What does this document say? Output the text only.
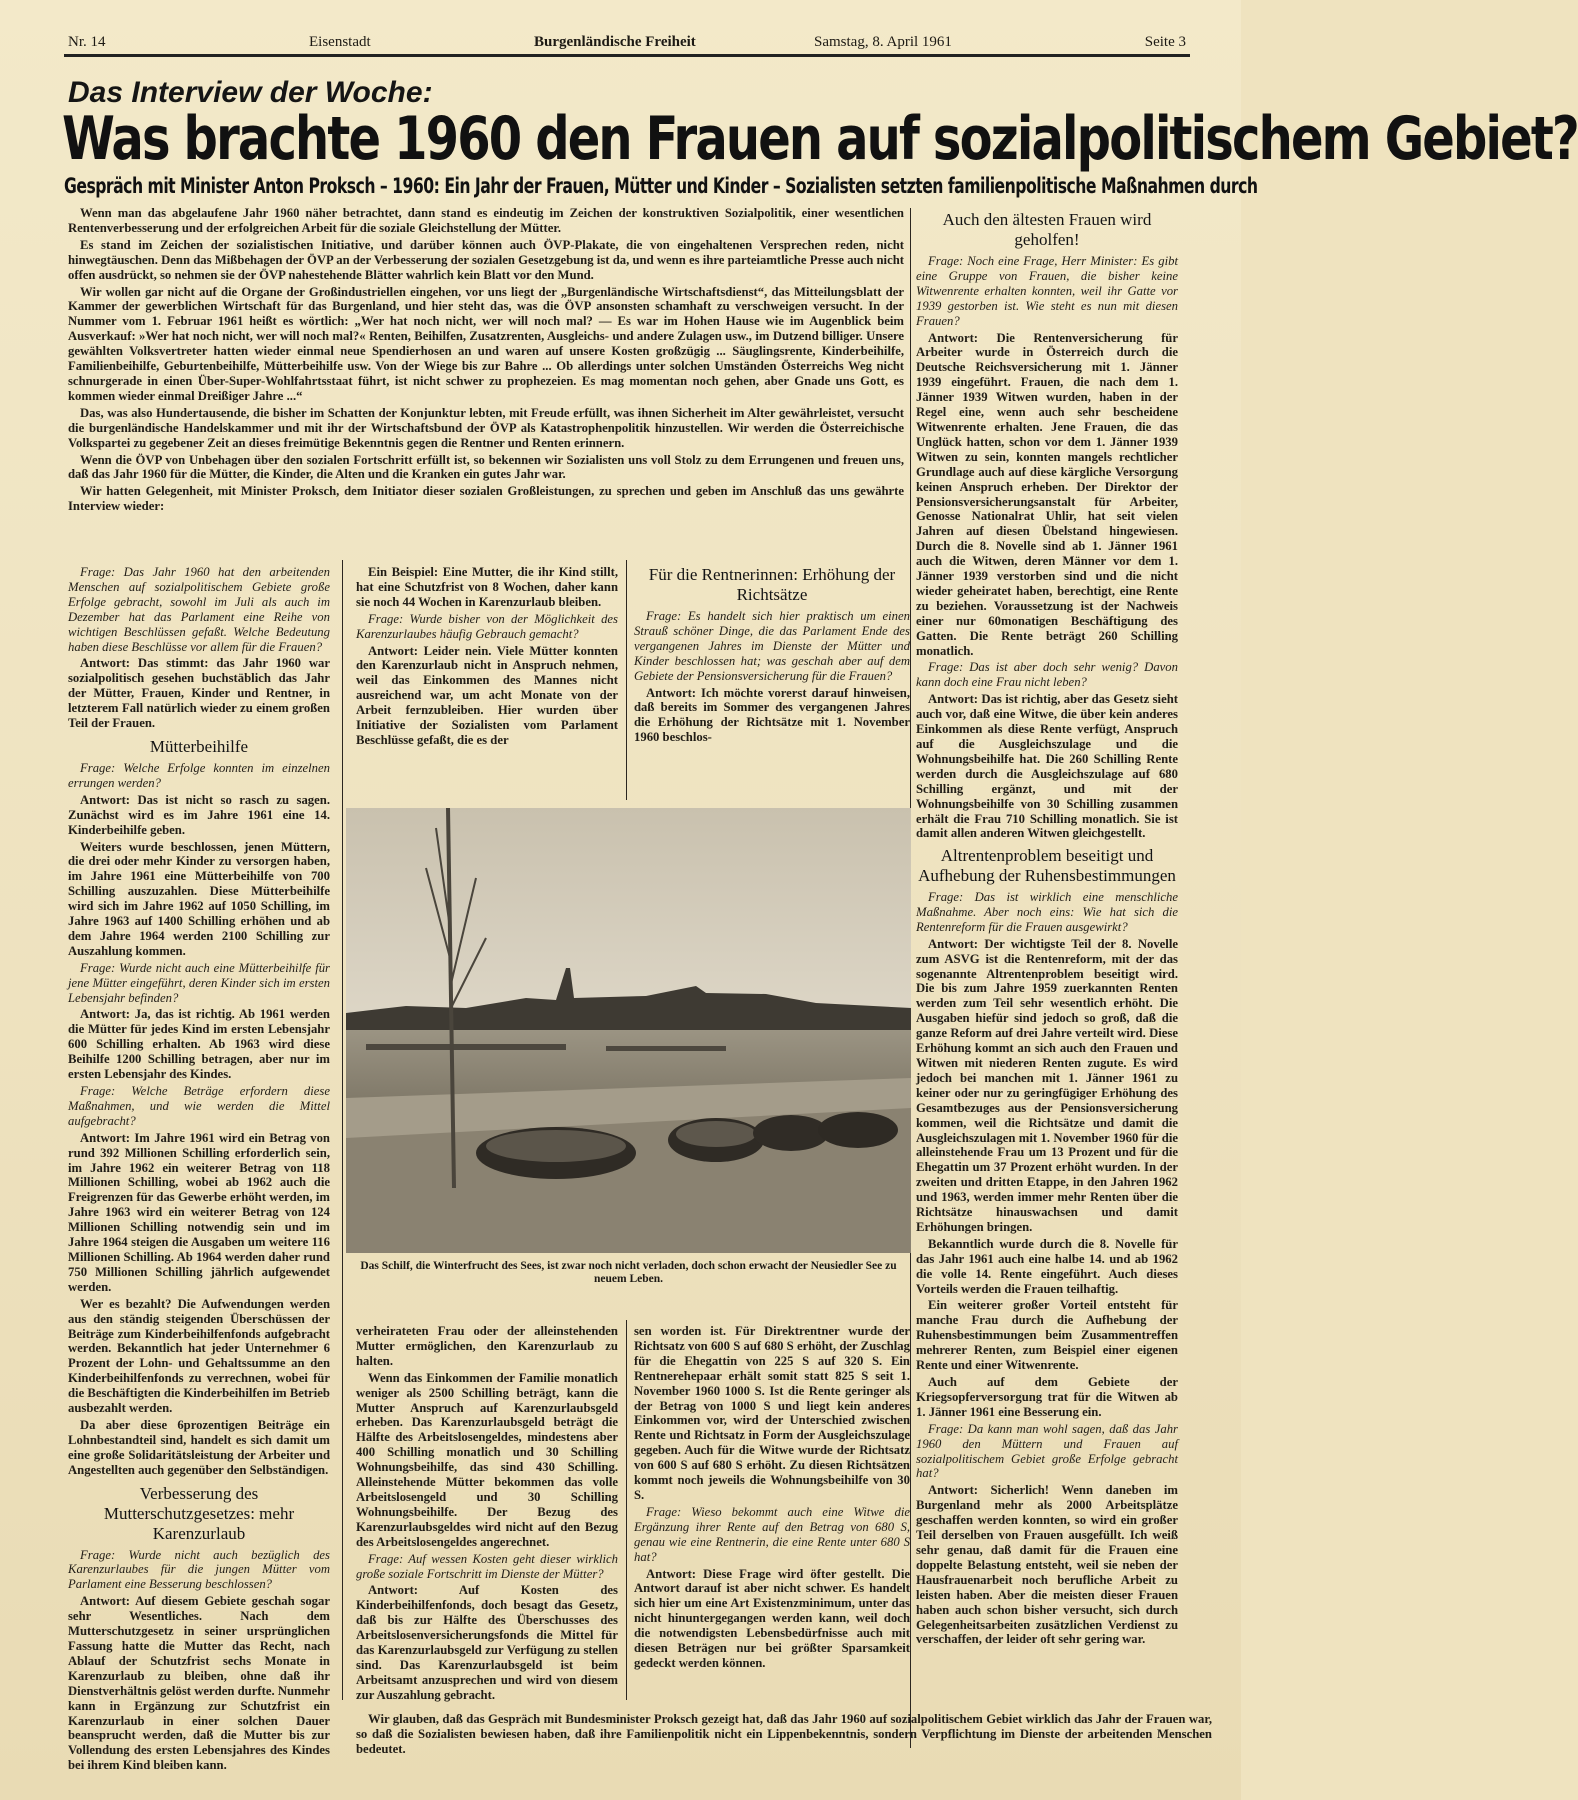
Nr. 14	Eisenstadt	Burgenländische Freiheit	Samstag, 8. April 1961	Seite 3
Das Interview der Woche:
Was brachte 1960 den Frauen auf sozialpolitischem Gebiet?
Gespräch mit Minister Anton Proksch – 1960: Ein Jahr der Frauen, Mütter und Kinder – Sozialisten setzten familienpolitische Maßnahmen durch

Wenn man das abgelaufene Jahr 1960 näher betrachtet, dann stand es eindeutig im Zeichen der konstruktiven Sozialpolitik, einer wesentlichen Rentenverbesserung und der erfolgreichen Arbeit für die soziale Gleichstellung der Mütter.

Es stand im Zeichen der sozialistischen Initiative, und darüber können auch ÖVP-Plakate, die von eingehaltenen Versprechen reden, nicht hinwegtäuschen. Denn das Mißbehagen der ÖVP an der Verbesserung der sozialen Gesetzgebung ist da, und wenn es ihre parteiamtliche Presse auch nicht offen ausdrückt, so nehmen sie der ÖVP nahestehende Blätter wahrlich kein Blatt vor den Mund.

Wir wollen gar nicht auf die Organe der Großindustriellen eingehen, vor uns liegt der „Burgenländische Wirtschaftsdienst“, das Mitteilungsblatt der Kammer der gewerblichen Wirtschaft für das Burgenland, und hier steht das, was die ÖVP ansonsten schamhaft zu verschweigen versucht. In der Nummer vom 1. Februar 1961 heißt es wörtlich: „Wer hat noch nicht, wer will noch mal? — Es war im Hohen Hause wie im Augenblick beim Ausverkauf: »Wer hat noch nicht, wer will noch mal?« Renten, Beihilfen, Zusatzrenten, Ausgleichs- und andere Zulagen usw., im Dutzend billiger. Unsere gewählten Volksvertreter hatten wieder einmal neue Spendierhosen an und waren auf unsere Kosten großzügig ... Säuglingsrente, Kinderbeihilfe, Familienbeihilfe, Geburtenbeihilfe, Mütterbeihilfe usw. Von der Wiege bis zur Bahre ... Ob allerdings unter solchen Umständen Österreichs Weg nicht schnurgerade in einen Über-Super-Wohlfahrtsstaat führt, ist nicht schwer zu prophezeien. Es mag momentan noch gehen, aber Gnade uns Gott, es kommen wieder einmal Dreißiger Jahre ...“

Das, was also Hundertausende, die bisher im Schatten der Konjunktur lebten, mit Freude erfüllt, was ihnen Sicherheit im Alter gewährleistet, versucht die burgenländische Handelskammer und mit ihr der Wirtschaftsbund der ÖVP als Katastrophenpolitik hinzustellen. Wir werden die Österreichische Volkspartei zu gegebener Zeit an dieses freimütige Bekenntnis gegen die Rentner und Renten erinnern.

Wenn die ÖVP von Unbehagen über den sozialen Fortschritt erfüllt ist, so bekennen wir Sozialisten uns voll Stolz zu dem Errungenen und freuen uns, daß das Jahr 1960 für die Mütter, die Kinder, die Alten und die Kranken ein gutes Jahr war.

Wir hatten Gelegenheit, mit Minister Proksch, dem Initiator dieser sozialen Großleistungen, zu sprechen und geben im Anschluß das uns gewährte Interview wieder:

Frage: Das Jahr 1960 hat den arbeitenden Menschen auf sozialpolitischem Gebiete große Erfolge gebracht, sowohl im Juli als auch im Dezember hat das Parlament eine Reihe von wichtigen Beschlüssen gefaßt. Welche Bedeutung haben diese Beschlüsse vor allem für die Frauen?

Antwort: Das stimmt: das Jahr 1960 war sozialpolitisch gesehen buchstäblich das Jahr der Mütter, Frauen, Kinder und Rentner, in letzterem Fall natürlich wieder zu einem großen Teil der Frauen.

Mütterbeihilfe

Frage: Welche Erfolge konnten im einzelnen errungen werden?

Antwort: Das ist nicht so rasch zu sagen. Zunächst wird es im Jahre 1961 eine 14. Kinderbeihilfe geben.

Weiters wurde beschlossen, jenen Müttern, die drei oder mehr Kinder zu versorgen haben, im Jahre 1961 eine Mütterbeihilfe von 700 Schilling auszuzahlen. Diese Mütterbeihilfe wird sich im Jahre 1962 auf 1050 Schilling, im Jahre 1963 auf 1400 Schilling erhöhen und ab dem Jahre 1964 werden 2100 Schilling zur Auszahlung kommen.

Frage: Wurde nicht auch eine Mütterbeihilfe für jene Mütter eingeführt, deren Kinder sich im ersten Lebensjahr befinden?

Antwort: Ja, das ist richtig. Ab 1961 werden die Mütter für jedes Kind im ersten Lebensjahr 600 Schilling erhalten. Ab 1963 wird diese Beihilfe 1200 Schilling betragen, aber nur im ersten Lebensjahr des Kindes.

Frage: Welche Beträge erfordern diese Maßnahmen, und wie werden die Mittel aufgebracht?

Antwort: Im Jahre 1961 wird ein Betrag von rund 392 Millionen Schilling erforderlich sein, im Jahre 1962 ein weiterer Betrag von 118 Millionen Schilling, wobei ab 1962 auch die Freigrenzen für das Gewerbe erhöht werden, im Jahre 1963 wird ein weiterer Betrag von 124 Millionen Schilling notwendig sein und im Jahre 1964 steigen die Ausgaben um weitere 116 Millionen Schilling. Ab 1964 werden daher rund 750 Millionen Schilling jährlich aufgewendet werden.

Wer es bezahlt? Die Aufwendungen werden aus den ständig steigenden Überschüssen der Beiträge zum Kinderbeihilfenfonds aufgebracht werden. Bekanntlich hat jeder Unternehmer 6 Prozent der Lohn- und Gehaltssumme an den Kinderbeihilfenfonds zu verrechnen, wobei für die Beschäftigten die Kinderbeihilfen im Betrieb ausbezahlt werden.

Da aber diese 6prozentigen Beiträge ein Lohnbestandteil sind, handelt es sich damit um eine große Solidaritätsleistung der Arbeiter und Angestellten auch gegenüber den Selbständigen.

Verbesserung des Mutterschutzgesetzes: mehr Karenzurlaub

Frage: Wurde nicht auch bezüglich des Karenzurlaubes für die jungen Mütter vom Parlament eine Besserung beschlossen?

Antwort: Auf diesem Gebiete geschah sogar sehr Wesentliches. Nach dem Mutterschutzgesetz in seiner ursprünglichen Fassung hatte die Mutter das Recht, nach Ablauf der Schutzfrist sechs Monate in Karenzurlaub zu bleiben, ohne daß ihr Dienstverhältnis gelöst werden durfte. Nunmehr kann in Ergänzung zur Schutzfrist ein Karenzurlaub in einer solchen Dauer beansprucht werden, daß die Mutter bis zur Vollendung des ersten Lebensjahres des Kindes bei ihrem Kind bleiben kann.

Ein Beispiel: Eine Mutter, die ihr Kind stillt, hat eine Schutzfrist von 8 Wochen, daher kann sie noch 44 Wochen in Karenzurlaub bleiben.

Frage: Wurde bisher von der Möglichkeit des Karenzurlaubes häufig Gebrauch gemacht?

Antwort: Leider nein. Viele Mütter konnten den Karenzurlaub nicht in Anspruch nehmen, weil das Einkommen des Mannes nicht ausreichend war, um acht Monate von der Arbeit fernzubleiben. Hier wurden über Initiative der Sozialisten vom Parlament Beschlüsse gefaßt, die es der

Für die Rentnerinnen: Erhöhung der Richtsätze

Frage: Es handelt sich hier praktisch um einen Strauß schöner Dinge, die das Parlament Ende des vergangenen Jahres im Dienste der Mütter und Kinder beschlossen hat; was geschah aber auf dem Gebiete der Pensionsversicherung für die Frauen?

Antwort: Ich möchte vorerst darauf hinweisen, daß bereits im Sommer des vergangenen Jahres die Erhöhung der Richtsätze mit 1. November 1960 beschlos-

Das Schilf, die Winterfrucht des Sees, ist zwar noch nicht verladen, doch schon erwacht der Neusiedler See zu neuem Leben.

verheirateten Frau oder der alleinstehenden Mutter ermöglichen, den Karenzurlaub zu halten.

Wenn das Einkommen der Familie monatlich weniger als 2500 Schilling beträgt, kann die Mutter Anspruch auf Karenzurlaubsgeld erheben. Das Karenzurlaubsgeld beträgt die Hälfte des Arbeitslosengeldes, mindestens aber 400 Schilling monatlich und 30 Schilling Wohnungsbeihilfe, das sind 430 Schilling. Alleinstehende Mütter bekommen das volle Arbeitslosengeld und 30 Schilling Wohnungsbeihilfe. Der Bezug des Karenzurlaubsgeldes wird nicht auf den Bezug des Arbeitslosengeldes angerechnet.

Frage: Auf wessen Kosten geht dieser wirklich große soziale Fortschritt im Dienste der Mütter?

Antwort: Auf Kosten des Kinderbeihilfenfonds, doch besagt das Gesetz, daß bis zur Hälfte des Überschusses des Arbeitslosenversicherungsfonds die Mittel für das Karenzurlaubsgeld zur Verfügung zu stellen sind. Das Karenzurlaubsgeld ist beim Arbeitsamt anzusprechen und wird von diesem zur Auszahlung gebracht.

sen worden ist. Für Direktrentner wurde der Richtsatz von 600 S auf 680 S erhöht, der Zuschlag für die Ehegattin von 225 S auf 320 S. Ein Rentnerehepaar erhält somit statt 825 S seit 1. November 1960 1000 S. Ist die Rente geringer als der Betrag von 1000 S und liegt kein anderes Einkommen vor, wird der Unterschied zwischen Rente und Richtsatz in Form der Ausgleichszulage gegeben. Auch für die Witwe wurde der Richtsatz von 600 S auf 680 S erhöht. Zu diesen Richtsätzen kommt noch jeweils die Wohnungsbeihilfe von 30 S.

Frage: Wieso bekommt auch eine Witwe die Ergänzung ihrer Rente auf den Betrag von 680 S, genau wie eine Rentnerin, die eine Rente unter 680 S hat?

Antwort: Diese Frage wird öfter gestellt. Die Antwort darauf ist aber nicht schwer. Es handelt sich hier um eine Art Existenzminimum, unter das nicht hinuntergegangen werden kann, weil doch die notwendigsten Lebensbedürfnisse auch mit diesen Beträgen nur bei größter Sparsamkeit gedeckt werden können.

Auch den ältesten Frauen wird geholfen!

Frage: Noch eine Frage, Herr Minister: Es gibt eine Gruppe von Frauen, die bisher keine Witwenrente erhalten konnten, weil ihr Gatte vor 1939 gestorben ist. Wie steht es nun mit diesen Frauen?

Antwort: Die Rentenversicherung für Arbeiter wurde in Österreich durch die Deutsche Reichsversicherung mit 1. Jänner 1939 eingeführt. Frauen, die nach dem 1. Jänner 1939 Witwen wurden, haben in der Regel eine, wenn auch sehr bescheidene Witwenrente erhalten. Jene Frauen, die das Unglück hatten, schon vor dem 1. Jänner 1939 Witwen zu sein, konnten mangels rechtlicher Grundlage auch auf diese kärgliche Versorgung keinen Anspruch erheben. Der Direktor der Pensionsversicherungsanstalt für Arbeiter, Genosse Nationalrat Uhlir, hat seit vielen Jahren auf diesen Übelstand hingewiesen. Durch die 8. Novelle sind ab 1. Jänner 1961 auch die Witwen, deren Männer vor dem 1. Jänner 1939 verstorben sind und die nicht wieder geheiratet haben, berechtigt, eine Rente zu beziehen. Voraussetzung ist der Nachweis einer nur 60monatigen Beschäftigung des Gatten. Die Rente beträgt 260 Schilling monatlich.

Frage: Das ist aber doch sehr wenig? Davon kann doch eine Frau nicht leben?

Antwort: Das ist richtig, aber das Gesetz sieht auch vor, daß eine Witwe, die über kein anderes Einkommen als diese Rente verfügt, Anspruch auf die Ausgleichszulage und die Wohnungsbeihilfe hat. Die 260 Schilling Rente werden durch die Ausgleichszulage auf 680 Schilling ergänzt, und mit der Wohnungsbeihilfe von 30 Schilling zusammen erhält die Frau 710 Schilling monatlich. Sie ist damit allen anderen Witwen gleichgestellt.

Altrentenproblem beseitigt und Aufhebung der Ruhensbestimmungen

Frage: Das ist wirklich eine menschliche Maßnahme. Aber noch eins: Wie hat sich die Rentenreform für die Frauen ausgewirkt?

Antwort: Der wichtigste Teil der 8. Novelle zum ASVG ist die Rentenreform, mit der das sogenannte Altrentenproblem beseitigt wird. Die bis zum Jahre 1959 zuerkannten Renten werden zum Teil sehr wesentlich erhöht. Die Ausgaben hiefür sind jedoch so groß, daß die ganze Reform auf drei Jahre verteilt wird. Diese Erhöhung kommt an sich auch den Frauen und Witwen mit niederen Renten zugute. Es wird jedoch bei manchen mit 1. Jänner 1961 zu keiner oder nur zu geringfügiger Erhöhung des Gesamtbezuges aus der Pensionsversicherung kommen, weil die Richtsätze und damit die Ausgleichszulagen mit 1. November 1960 für die alleinstehende Frau um 13 Prozent und für die Ehegattin um 37 Prozent erhöht wurden. In der zweiten und dritten Etappe, in den Jahren 1962 und 1963, werden immer mehr Renten über die Richtsätze hinauswachsen und damit Erhöhungen bringen.

Bekanntlich wurde durch die 8. Novelle für das Jahr 1961 auch eine halbe 14. und ab 1962 die volle 14. Rente eingeführt. Auch dieses Vorteils werden die Frauen teilhaftig.

Ein weiterer großer Vorteil entsteht für manche Frau durch die Aufhebung der Ruhensbestimmungen beim Zusammentreffen mehrerer Renten, zum Beispiel einer eigenen Rente und einer Witwenrente.

Auch auf dem Gebiete der Kriegsopferversorgung trat für die Witwen ab 1. Jänner 1961 eine Besserung ein.

Frage: Da kann man wohl sagen, daß das Jahr 1960 den Müttern und Frauen auf sozialpolitischem Gebiet große Erfolge gebracht hat?

Antwort: Sicherlich! Wenn daneben im Burgenland mehr als 2000 Arbeitsplätze geschaffen werden konnten, so wird ein großer Teil derselben von Frauen ausgefüllt. Ich weiß sehr genau, daß damit für die Frauen eine doppelte Belastung entsteht, weil sie neben der Hausfrauenarbeit noch berufliche Arbeit zu leisten haben. Aber die meisten dieser Frauen haben auch schon bisher versucht, sich durch Gelegenheitsarbeiten zusätzlichen Verdienst zu verschaffen, der leider oft sehr gering war.

Wir glauben, daß das Gespräch mit Bundesminister Proksch gezeigt hat, daß das Jahr 1960 auf sozialpolitischem Gebiet wirklich das Jahr der Frauen war, so daß die Sozialisten bewiesen haben, daß ihre Familienpolitik nicht ein Lippenbekenntnis, sondern Verpflichtung im Dienste der arbeitenden Menschen bedeutet.
